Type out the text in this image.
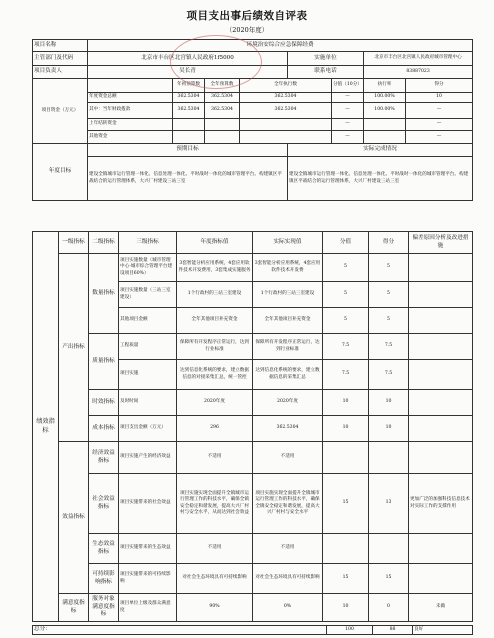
项目支出事后绩效自评表
（2020年度）
项目名称	环境治安综合应急保障经费							
主管部门及代码	北京市丰台区北宫镇人民政府1f5000				实施单位		北京市丰台区北宫镇人民政府城市管理中心	
项目负责人	吴长青				联系电话		83887023	
项目资金（万元）		年初预算数	全年预算数	全年执行数		分值（10分）	执行率	得分
	年度资金总额	362.5304	362.5304	362.5304		—	100.00%	10
	其中：当年财政拨款	362.5304	362.5304	362.5304		—	100.00%	—
	上年结转资金					—		—
	其他资金					—		—
年度目标	预期目标				实际完成情况			
	建设全镇城市运行管理一体化、信息处理一体化、平时战时一体化的城市管理平台。构建镇区平战结合的运行管理体系，大兴厂村建设三站三室				建设全镇城市运行管理一体化、信息处理一体化、平时战时一体化的城市管理平台。构建镇区平战结合的运行管理体系，大兴厂村建设三站三室			
绩效指标	一级指标	二级指标	三级指标	年度指标值	实际实现值	分值	得分	偏差原因分析及改进措施
	产出指标	数量指标	项目实施数量（城市管理中心-城市综合管理平台建设项目60%）	3套智能分析应用系统，4套应用软件技术开发费用，3套集成实施服务	3套智能分析应用系统，4套应用软件技术开发费	5	5	
			项目实施数量（三站三室建设）	1个行政村的三站三室建设	1个行政村的三站三室建设	5	5	
			其他项目金额	全年其他项目补充资金	全年其他项目补充资金	5	5	
		质量指标	工程质量	保障所有开发程序正常运行，达到行业标准	保障所有开发程序正常运行，达到行业标准	7.5	7.5	
			项目实施	达到信息化系统的要求，建立数据信息的对接采集汇总，统一管控	达到信息化系统的要求，建立数据信息的采集汇总	7.5	7.5	
		时效指标	及时时间	2020年度	2020年度	10	10	
		成本指标	项目支出金额（万元）	296	362.5304	10	10	
	效益指标	经济效益指标	项目实施产生的经济效益	不适用	不适用			
		社会效益指标	项目实施带来的社会效益	项目实施实现全面提升全镇城市运行管理工作的科技水平，确保全镇安全稳定和谐发展，提高大兴厂村村与安全水平，从而达到社会效益	项目实施实现全面提升全镇城市运行管理工作的科技水平，确保全镇安全稳定和谐发展，提高大兴厂村村与安全水平	15	13	更加广泛的加强科技信息技术对实际工作的支撑作用
		生态效益指标	项目实施带来的生态效益	不适用	不适用			
		可持续影响指标	项目实施带来的可持续影响	对社会生态环境具有可持续影响	对社会生态环境具有可持续影响	15	15	
	满意度指标	服务对象满意度指标	项目单位上级及群众满意度	90%	0%	10	0	未做
总分：	100	88	良好
